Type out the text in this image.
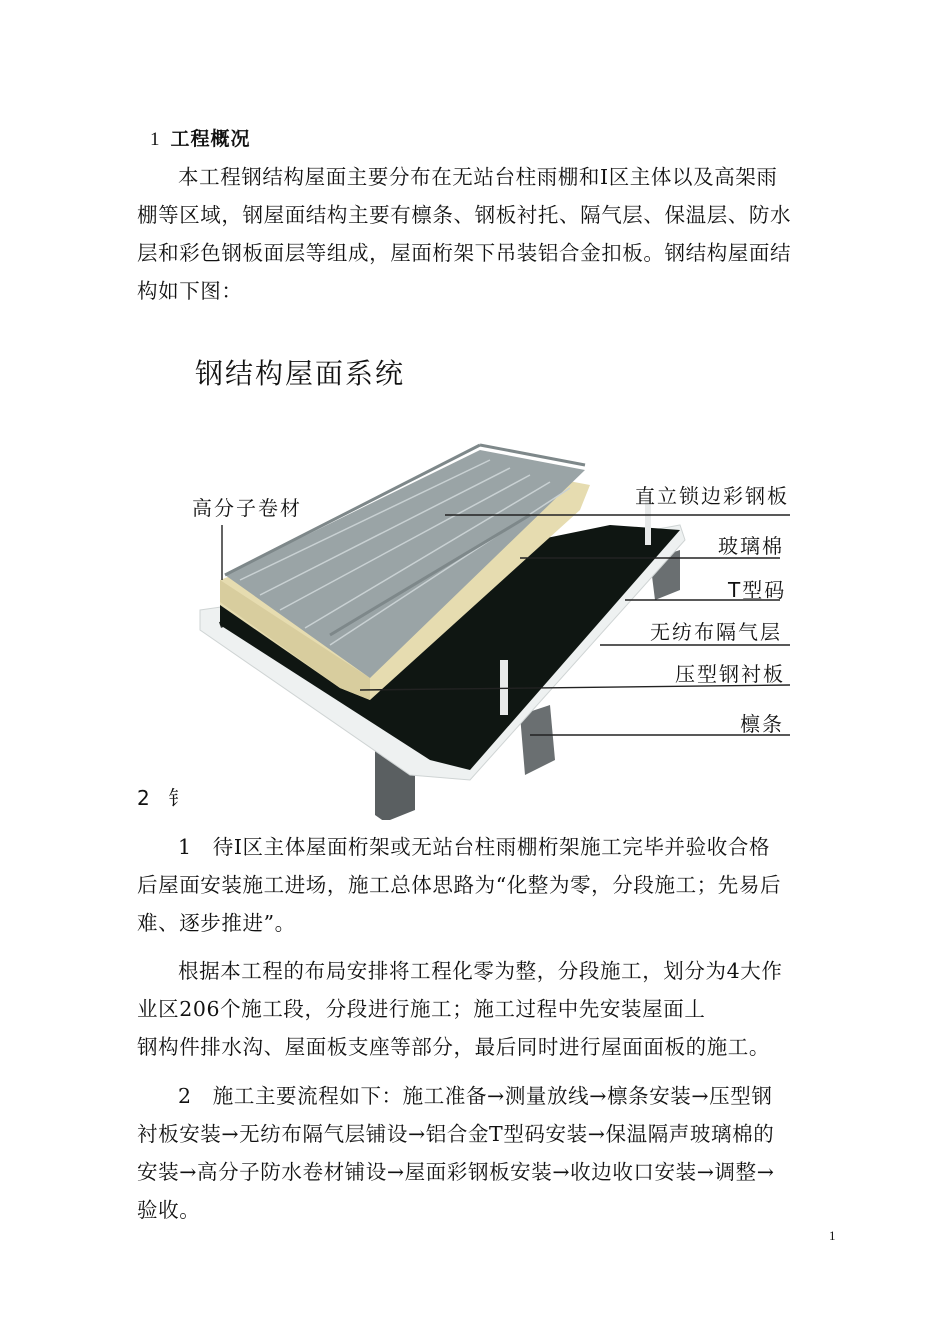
1 工程概况
本工程钢结构屋面主要分布在无站台柱雨棚和Ⅰ区主体以及高架雨
棚等区域，钢屋面结构主要有檩条、钢板衬托、隔气层、保温层、防水
层和彩色钢板面层等组成，屋面桁架下吊装铝合金扣板。钢结构屋面结
构如下图：
钢结构屋面系统
高分子卷材	直立锁边彩钢板
玻璃棉
T型码
无纺布隔气层
压型钢衬板
檩条
2 钅
1　待Ⅰ区主体屋面桁架或无站台柱雨棚桁架施工完毕并验收合格
后屋面安装施工进场，施工总体思路为“化整为零，分段施工；先易后
难、逐步推进”。
根据本工程的布局安排将工程化零为整，分段施工，划分为4大作
业区206个施工段，分段进行施工；施工过程中先安装屋面丄
钢构件排水沟、屋面板支座等部分，最后同时进行屋面面板的施工。
2　施工主要流程如下：施工准备→测量放线→檩条安装→压型钢
衬板安装→无纺布隔气层铺设→铝合金T型码安装→保温隔声玻璃棉的
安装→高分子防水卷材铺设→屋面彩钢板安装→收边收口安装→调整→
验收。
1
